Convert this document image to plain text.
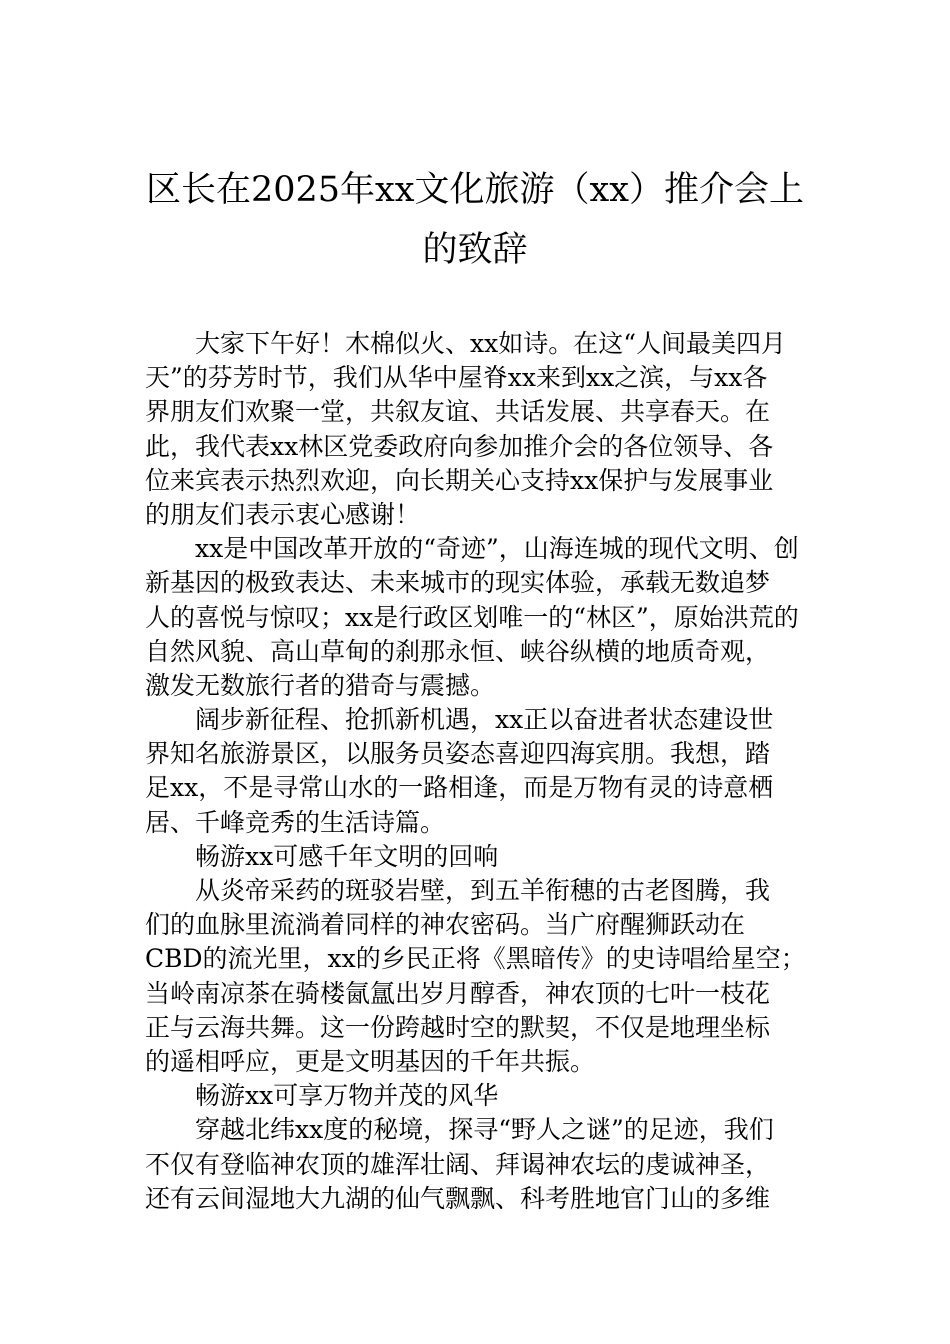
区长在2025年xx文化旅游（xx）推介会上
的致辞
大家下午好！木棉似火、xx如诗。在这“人间最美四月
天”的芬芳时节，我们从华中屋脊xx来到xx之滨，与xx各
界朋友们欢聚一堂，共叙友谊、共话发展、共享春天。在
此，我代表xx林区党委政府向参加推介会的各位领导、各
位来宾表示热烈欢迎，向长期关心支持xx保护与发展事业
的朋友们表示衷心感谢！
xx是中国改革开放的“奇迹”，山海连城的现代文明、创
新基因的极致表达、未来城市的现实体验，承载无数追梦
人的喜悦与惊叹；xx是行政区划唯一的“林区”，原始洪荒的
自然风貌、高山草甸的刹那永恒、峡谷纵横的地质奇观，
激发无数旅行者的猎奇与震撼。
阔步新征程、抢抓新机遇，xx正以奋进者状态建设世
界知名旅游景区，以服务员姿态喜迎四海宾朋。我想，踏
足xx，不是寻常山水的一路相逢，而是万物有灵的诗意栖
居、千峰竞秀的生活诗篇。
畅游xx可感千年文明的回响
从炎帝采药的斑驳岩壁，到五羊衔穗的古老图腾，我
们的血脉里流淌着同样的神农密码。当广府醒狮跃动在
CBD的流光里，xx的乡民正将《黑暗传》的史诗唱给星空；
当岭南凉茶在骑楼氤氲出岁月醇香，神农顶的七叶一枝花
正与云海共舞。这一份跨越时空的默契，不仅是地理坐标
的遥相呼应，更是文明基因的千年共振。
畅游xx可享万物并茂的风华
穿越北纬xx度的秘境，探寻“野人之谜”的足迹，我们
不仅有登临神农顶的雄浑壮阔、拜谒神农坛的虔诚神圣，
还有云间湿地大九湖的仙气飘飘、科考胜地官门山的多维
